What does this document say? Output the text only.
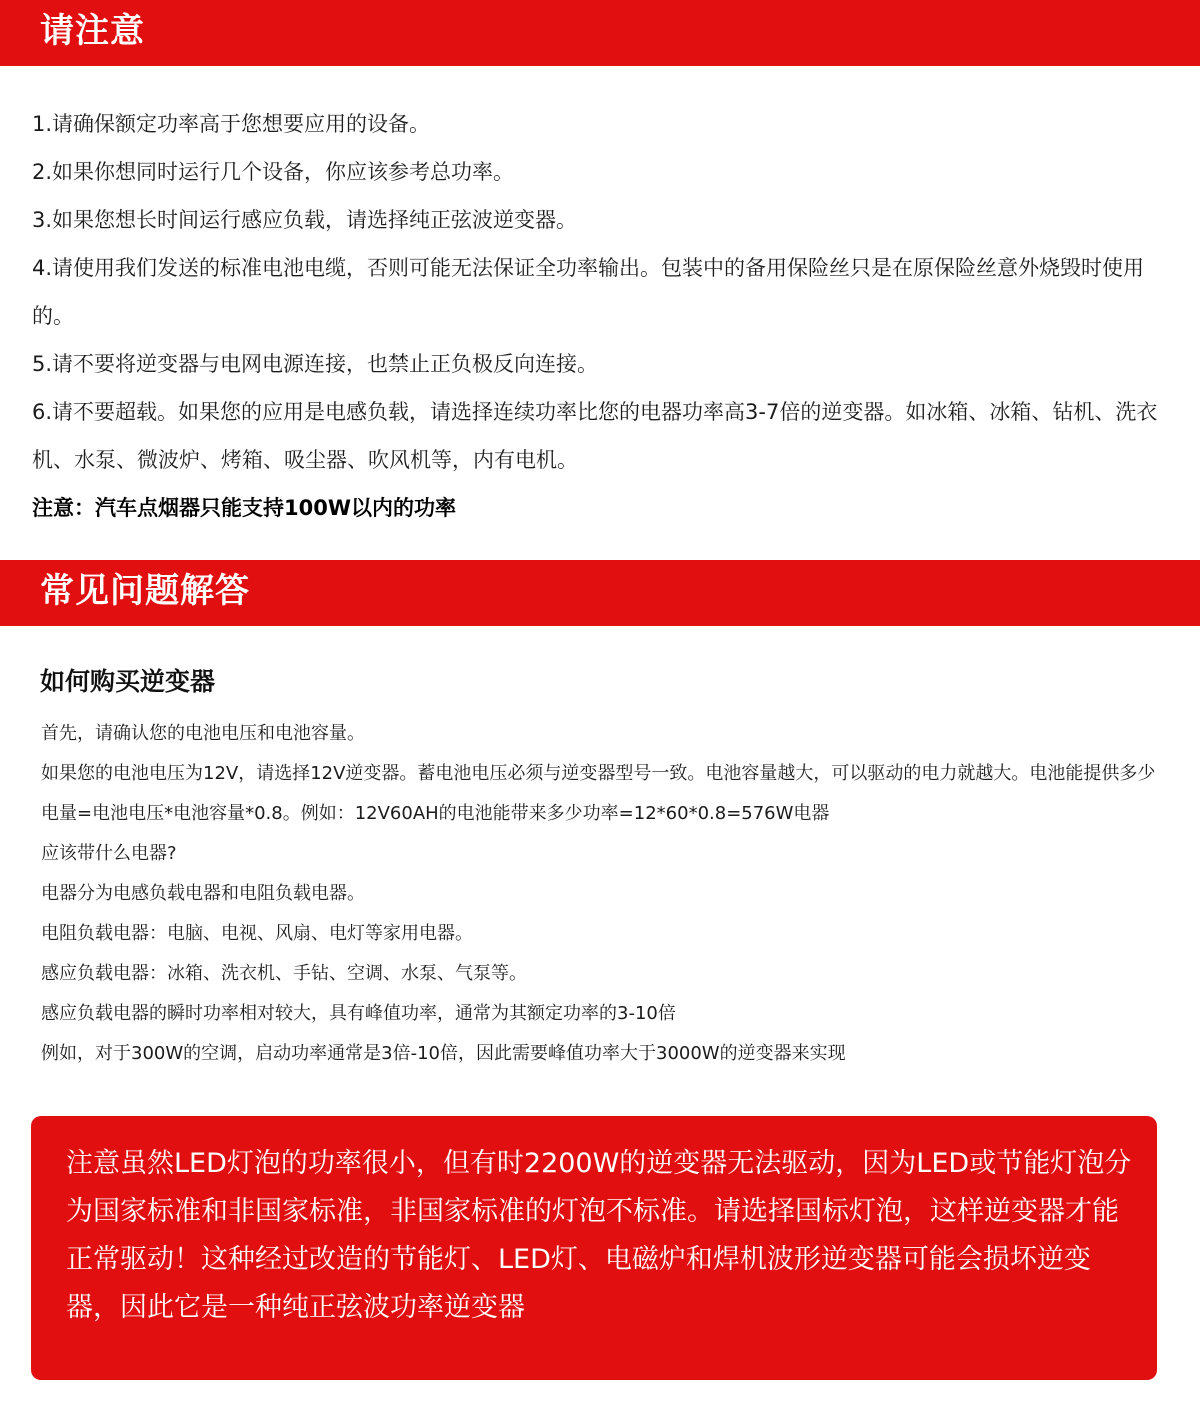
请注意
1.请确保额定功率高于您想要应用的设备。
2.如果你想同时运行几个设备，你应该参考总功率。
3.如果您想长时间运行感应负载，请选择纯正弦波逆变器。
4.请使用我们发送的标准电池电缆，否则可能无法保证全功率输出。包装中的备用保险丝只是在原保险丝意外烧毁时使用的。
5.请不要将逆变器与电网电源连接，也禁止正负极反向连接。
6.请不要超载。如果您的应用是电感负载，请选择连续功率比您的电器功率高3-7倍的逆变器。如冰箱、冰箱、钻机、洗衣机、水泵、微波炉、烤箱、吸尘器、吹风机等，内有电机。
注意：汽车点烟器只能支持100W以内的功率
常见问题解答
如何购买逆变器
首先，请确认您的电池电压和电池容量。
如果您的电池电压为12V，请选择12V逆变器。蓄电池电压必须与逆变器型号一致。电池容量越大，可以驱动的电力就越大。电池能提供多少电量=电池电压*电池容量*0.8。例如：12V60AH的电池能带来多少功率=12*60*0.8=576W电器
应该带什么电器?
电器分为电感负载电器和电阻负载电器。
电阻负载电器：电脑、电视、风扇、电灯等家用电器。
感应负载电器：冰箱、洗衣机、手钻、空调、水泵、气泵等。
感应负载电器的瞬时功率相对较大，具有峰值功率，通常为其额定功率的3-10倍
例如，对于300W的空调，启动功率通常是3倍-10倍，因此需要峰值功率大于3000W的逆变器来实现
注意虽然LED灯泡的功率很小，但有时2200W的逆变器无法驱动，因为LED或节能灯泡分为国家标准和非国家标准，非国家标准的灯泡不标准。请选择国标灯泡，这样逆变器才能正常驱动！这种经过改造的节能灯、LED灯、电磁炉和焊机波形逆变器可能会损坏逆变器，因此它是一种纯正弦波功率逆变器
